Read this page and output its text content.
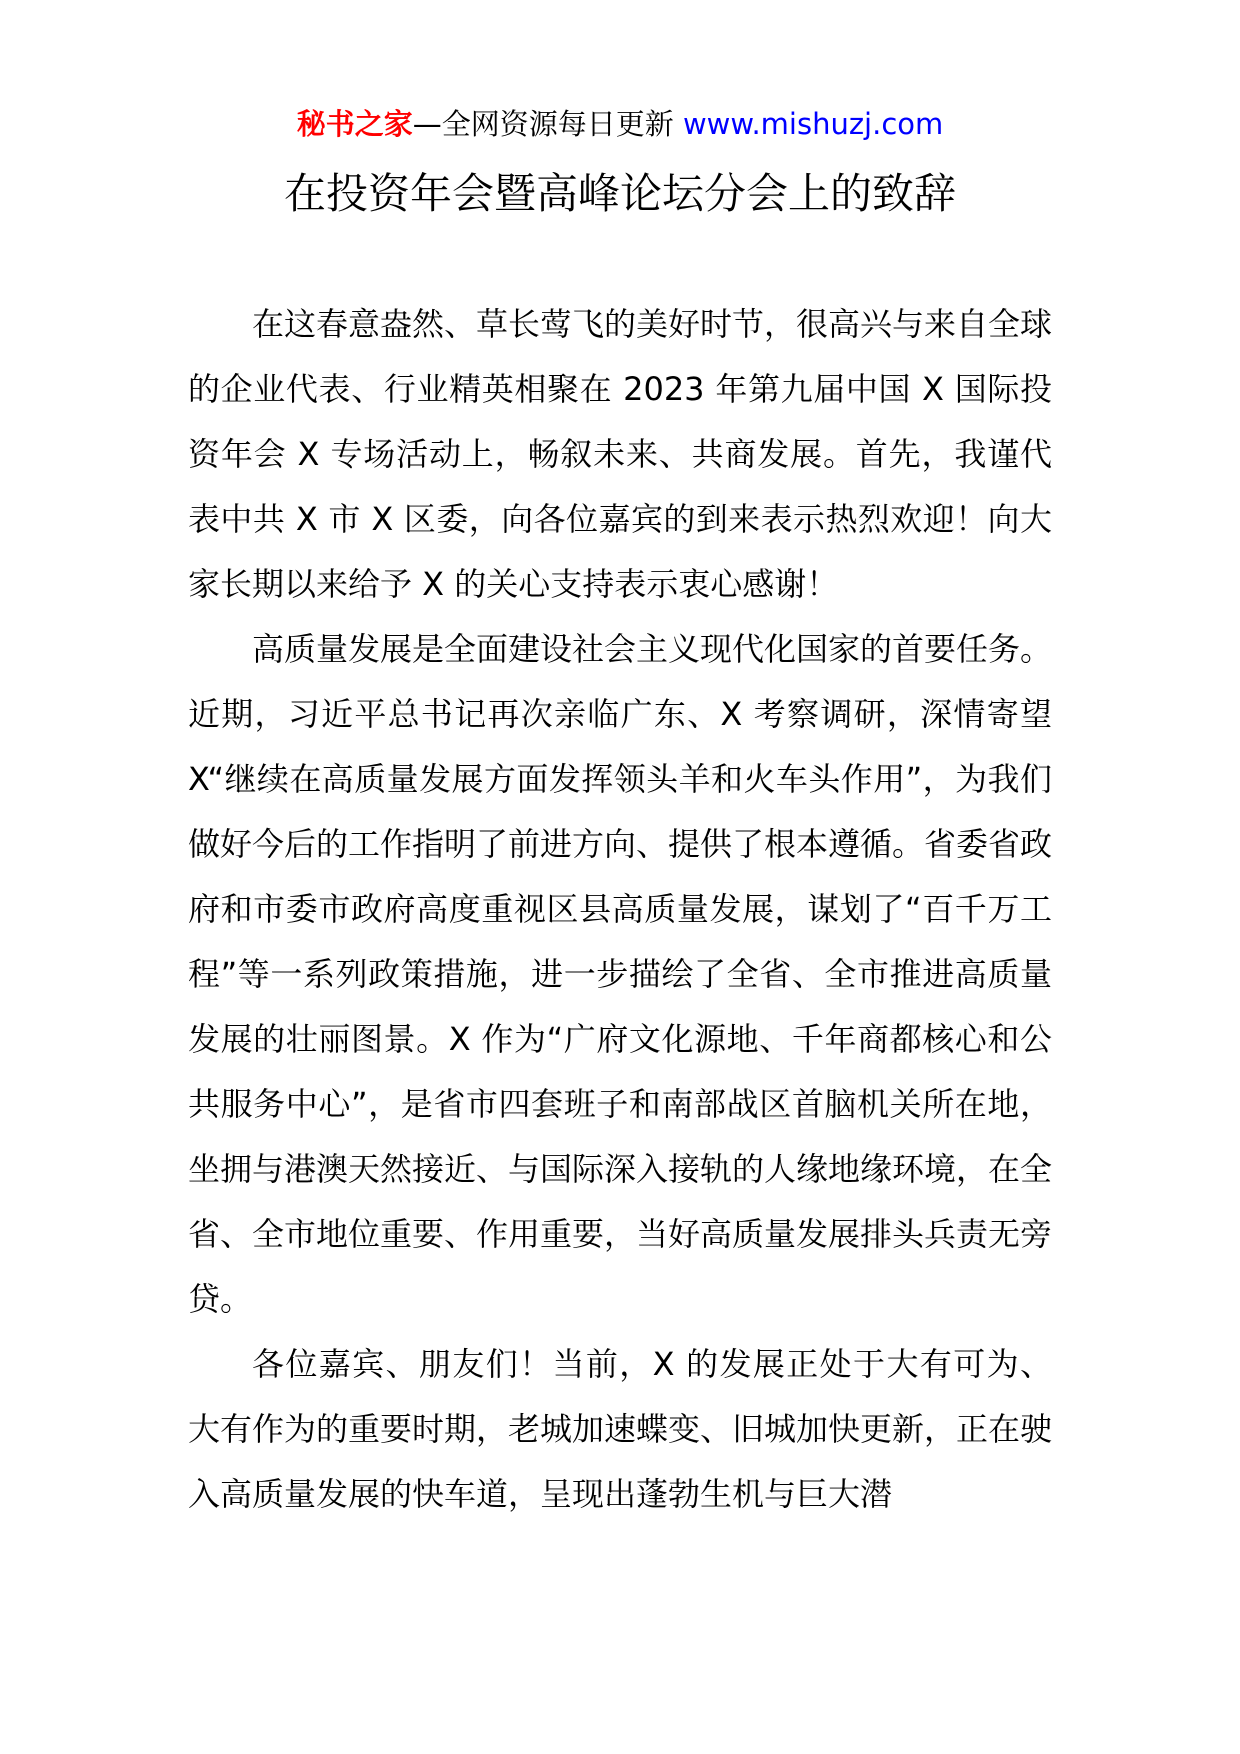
秘书之家—全网资源每日更新 www.mishuzj.com
在投资年会暨高峰论坛分会上的致辞

在这春意盎然、草长莺飞的美好时节，很高兴与来自全球的企业代表、行业精英相聚在 2023 年第九届中国 X 国际投资年会 X 专场活动上，畅叙未来、共商发展。首先，我谨代表中共 X 市 X 区委，向各位嘉宾的到来表示热烈欢迎！向大家长期以来给予 X 的关心支持表示衷心感谢！

高质量发展是全面建设社会主义现代化国家的首要任务。近期，习近平总书记再次亲临广东、X 考察调研，深情寄望 X“继续在高质量发展方面发挥领头羊和火车头作用”，为我们做好今后的工作指明了前进方向、提供了根本遵循。省委省政府和市委市政府高度重视区县高质量发展，谋划了“百千万工程”等一系列政策措施，进一步描绘了全省、全市推进高质量发展的壮丽图景。X 作为“广府文化源地、千年商都核心和公共服务中心”，是省市四套班子和南部战区首脑机关所在地，坐拥与港澳天然接近、与国际深入接轨的人缘地缘环境，在全省、全市地位重要、作用重要，当好高质量发展排头兵责无旁贷。

各位嘉宾、朋友们！当前，X 的发展正处于大有可为、大有作为的重要时期，老城加速蝶变、旧城加快更新，正在驶入高质量发展的快车道，呈现出蓬勃生机与巨大潜
